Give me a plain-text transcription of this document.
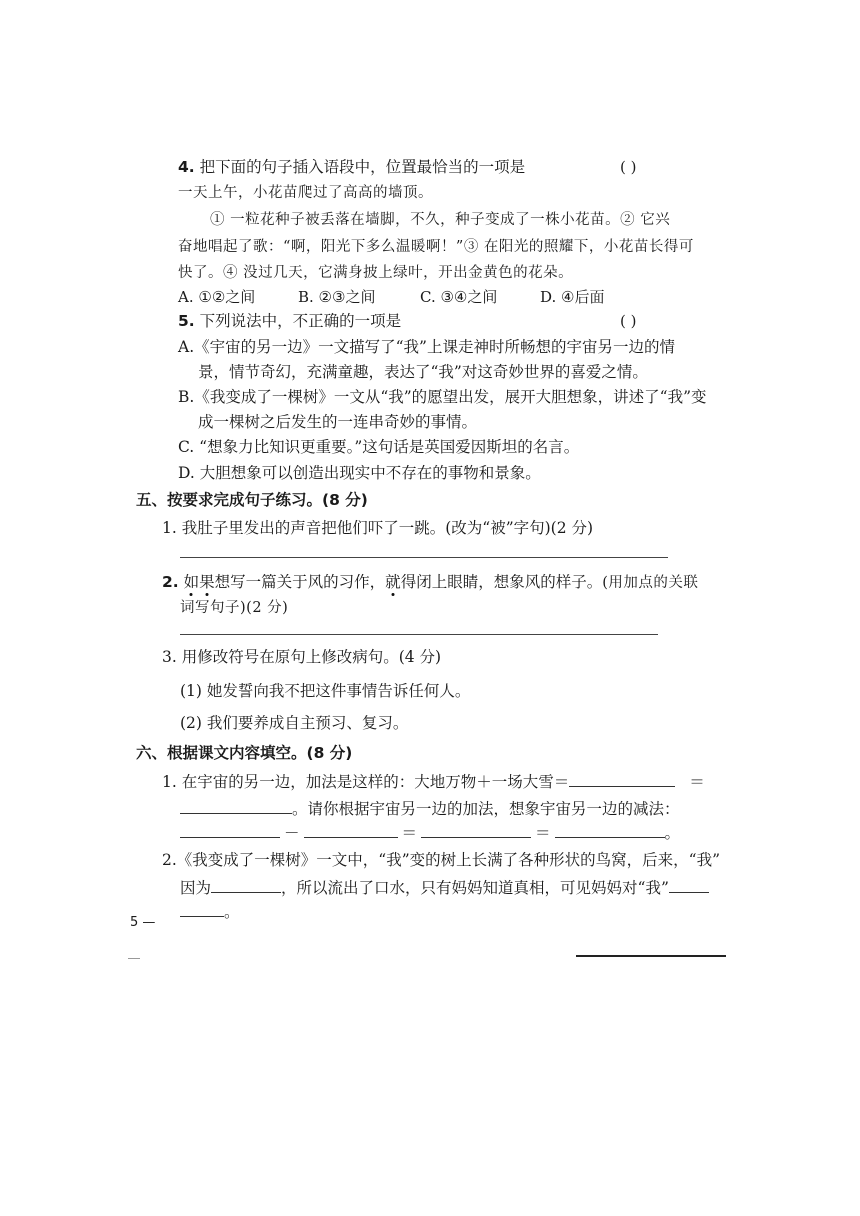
4. 把下面的句子插入语段中，位置最恰当的一项是	( )
一天上午，小花苗爬过了高高的墙顶。
① 一粒花种子被丢落在墙脚，不久，种子变成了一株小花苗。② 它兴
奋地唱起了歌：“啊，阳光下多么温暖啊！”③ 在阳光的照耀下，小花苗长得可
快了。④ 没过几天，它满身披上绿叶，开出金黄色的花朵。
A. ①②之间	B. ②③之间	C. ③④之间	D. ④后面
5. 下列说法中，不正确的一项是	( )
A.《宇宙的另一边》一文描写了“我”上课走神时所畅想的宇宙另一边的情
景，情节奇幻，充满童趣，表达了“我”对这奇妙世界的喜爱之情。
B.《我变成了一棵树》一文从“我”的愿望出发，展开大胆想象，讲述了“我”变
成一棵树之后发生的一连串奇妙的事情。
C. “想象力比知识更重要。”这句话是英国爱因斯坦的名言。
D. 大胆想象可以创造出现实中不存在的事物和景象。
五、按要求完成句子练习。(8 分)
1. 我肚子里发出的声音把他们吓了一跳。(改为“被”字句)(2 分)
2. 如果想写一篇关于风的习作，就得闭上眼睛，想象风的样子。(用加点的关联
词写句子)(2 分)
3. 用修改符号在原句上修改病句。(4 分)
(1) 她发誓向我不把这件事情告诉任何人。
(2) 我们要养成自主预习、复习。
六、根据课文内容填空。(8 分)
1. 在宇宙的另一边，加法是这样的：大地万物＋一场大雪＝	＝
。请你根据宇宙另一边的加法，想象宇宙另一边的减法：
－	＝	＝	。
2.《我变成了一棵树》一文中，“我”变的树上长满了各种形状的鸟窝，后来，“我”
因为	，所以流出了口水，只有妈妈知道真相，可见妈妈对“我”
。
5 —
